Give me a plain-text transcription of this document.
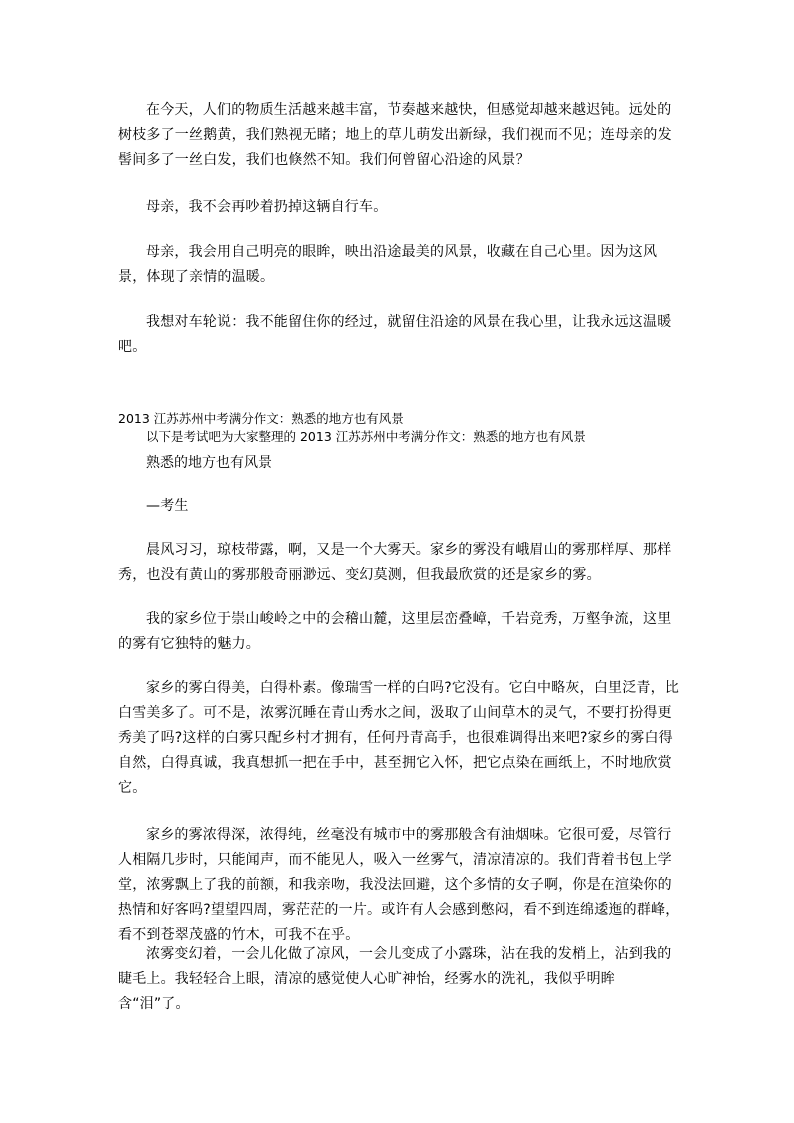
在今天，人们的物质生活越来越丰富，节奏越来越快，但感觉却越来越迟钝。远处的树枝多了一丝鹅黄，我们熟视无睹；地上的草儿萌发出新绿，我们视而不见；连母亲的发髻间多了一丝白发，我们也倏然不知。我们何曾留心沿途的风景？
母亲，我不会再吵着扔掉这辆自行车。
母亲，我会用自己明亮的眼眸，映出沿途最美的风景，收藏在自己心里。因为这风景，体现了亲情的温暖。
我想对车轮说：我不能留住你的经过，就留住沿途的风景在我心里，让我永远这温暖吧。
2013 江苏苏州中考满分作文：熟悉的地方也有风景
以下是考试吧为大家整理的 2013 江苏苏州中考满分作文：熟悉的地方也有风景
熟悉的地方也有风景
—考生
晨风习习，琼枝带露，啊，又是一个大雾天。家乡的雾没有峨眉山的雾那样厚、那样秀，也没有黄山的雾那般奇丽渺远、变幻莫测，但我最欣赏的还是家乡的雾。
我的家乡位于崇山峻岭之中的会稽山麓，这里层峦叠嶂，千岩竞秀，万壑争流，这里的雾有它独特的魅力。
家乡的雾白得美，白得朴素。像瑞雪一样的白吗?它没有。它白中略灰，白里泛青，比白雪美多了。可不是，浓雾沉睡在青山秀水之间，汲取了山间草木的灵气，不要打扮得更秀美了吗?这样的白雾只配乡村才拥有，任何丹青高手，也很难调得出来吧?家乡的雾白得自然，白得真诚，我真想抓一把在手中，甚至拥它入怀，把它点染在画纸上，不时地欣赏它。
家乡的雾浓得深，浓得纯，丝毫没有城市中的雾那般含有油烟味。它很可爱，尽管行人相隔几步时，只能闻声，而不能见人，吸入一丝雾气，清凉清凉的。我们背着书包上学堂，浓雾飘上了我的前额，和我亲吻，我没法回避，这个多情的女子啊，你是在渲染你的热情和好客吗?望望四周，雾茫茫的一片。或许有人会感到憋闷，看不到连绵逶迤的群峰，看不到苍翠茂盛的竹木，可我不在乎。
浓雾变幻着，一会儿化做了凉风，一会儿变成了小露珠，沾在我的发梢上，沾到我的睫毛上。我轻轻合上眼，清凉的感觉使人心旷神怡，经雾水的洗礼，我似乎明眸含“泪”了。
